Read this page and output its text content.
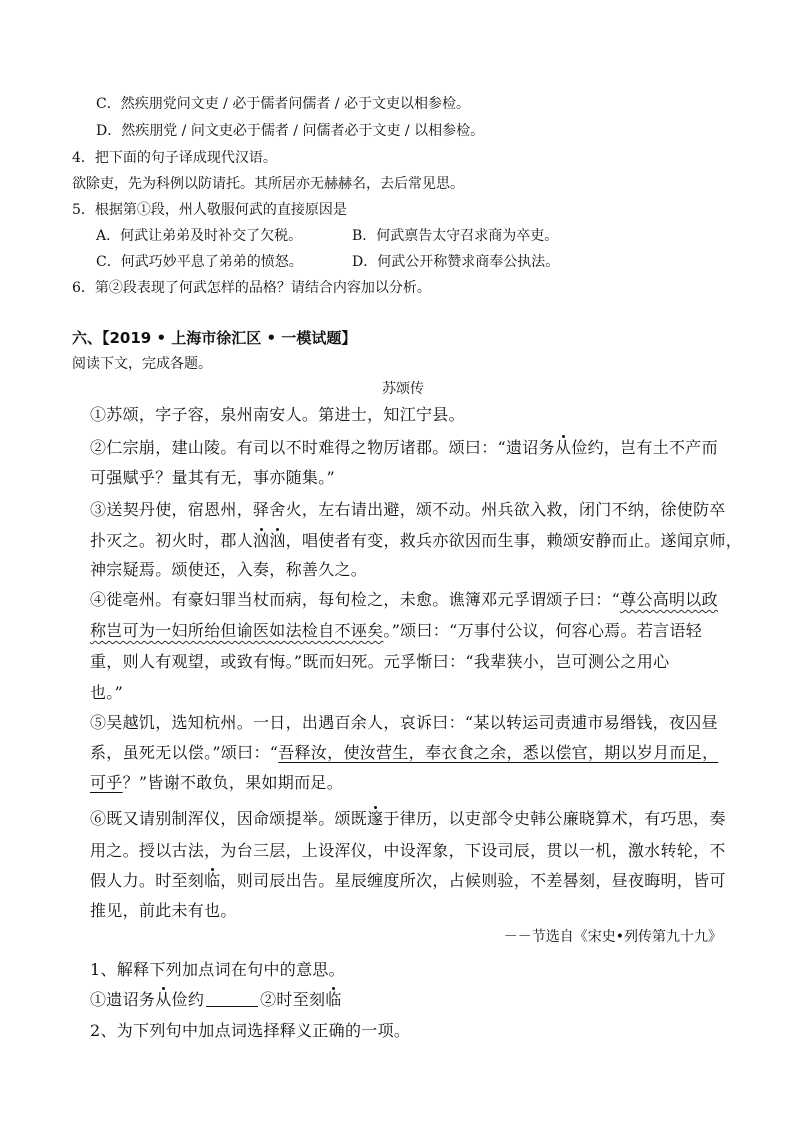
C．然疾朋党问文吏 / 必于儒者问儒者 / 必于文吏以相参检。
D．然疾朋党 / 问文吏必于儒者 / 问儒者必于文吏 / 以相参检。
4．把下面的句子译成现代汉语。
欲除吏，先为科例以防请托。其所居亦无赫赫名，去后常见思。
5．根据第①段，州人敬服何武的直接原因是
A．何武让弟弟及时补交了欠税。	B．何武禀告太守召求商为卒吏。
C．何武巧妙平息了弟弟的愤怒。	D．何武公开称赞求商奉公执法。
6．第②段表现了何武怎样的品格？请结合内容加以分析。
六、【2019 • 上海市徐汇区 • 一模试题】
阅读下文，完成各题。
苏颂传
①苏颂，字子容，泉州南安人。第进士，知江宁县。
②仁宗崩，建山陵。有司以不时难得之物厉诸郡。颂曰：“遗诏务从俭约，岂有土不产而
可强赋乎？量其有无，事亦随集。”
③送契丹使，宿恩州，驿舍火，左右请出避，颂不动。州兵欲入救，闭门不纳，徐使防卒
扑灭之。初火时，郡人汹汹，唱使者有变，救兵亦欲因而生事，赖颂安静而止。遂闻京师，
神宗疑焉。颂使还，入奏，称善久之。
④徙亳州。有豪妇罪当杖而病，每旬检之，未愈。谯簿邓元孚谓颂子曰：“尊公高明以政
称岂可为一妇所绐但谕医如法检自不诬矣。”颂曰：“万事付公议，何容心焉。若言语轻
重，则人有观望，或致有悔。”既而妇死。元孚惭曰：“我辈狭小，岂可测公之用心
也。”
⑤吴越饥，选知杭州。一日，出遇百余人，哀诉曰：“某以转运司责逋市易缗钱，夜囚昼
系，虽死无以偿。”颂曰：“吾释汝，使汝营生，奉衣食之余，悉以偿官，期以岁月而足，
可乎？”皆谢不敢负，果如期而足。
⑥既又请别制浑仪，因命颂提举。颂既邃于律历，以吏部令史韩公廉晓算术，有巧思，奏
用之。授以古法，为台三层，上设浑仪，中设浑象，下设司辰，贯以一机，激水转轮，不
假人力。时至刻临，则司辰出告。星辰缠度所次，占候则验，不差晷刻，昼夜晦明，皆可
推见，前此未有也。
－－节选自《宋史•列传第九十九》
1、解释下列加点词在句中的意思。
①遗诏务从俭约	②时至刻临
2、为下列句中加点词选择释义正确的一项。
